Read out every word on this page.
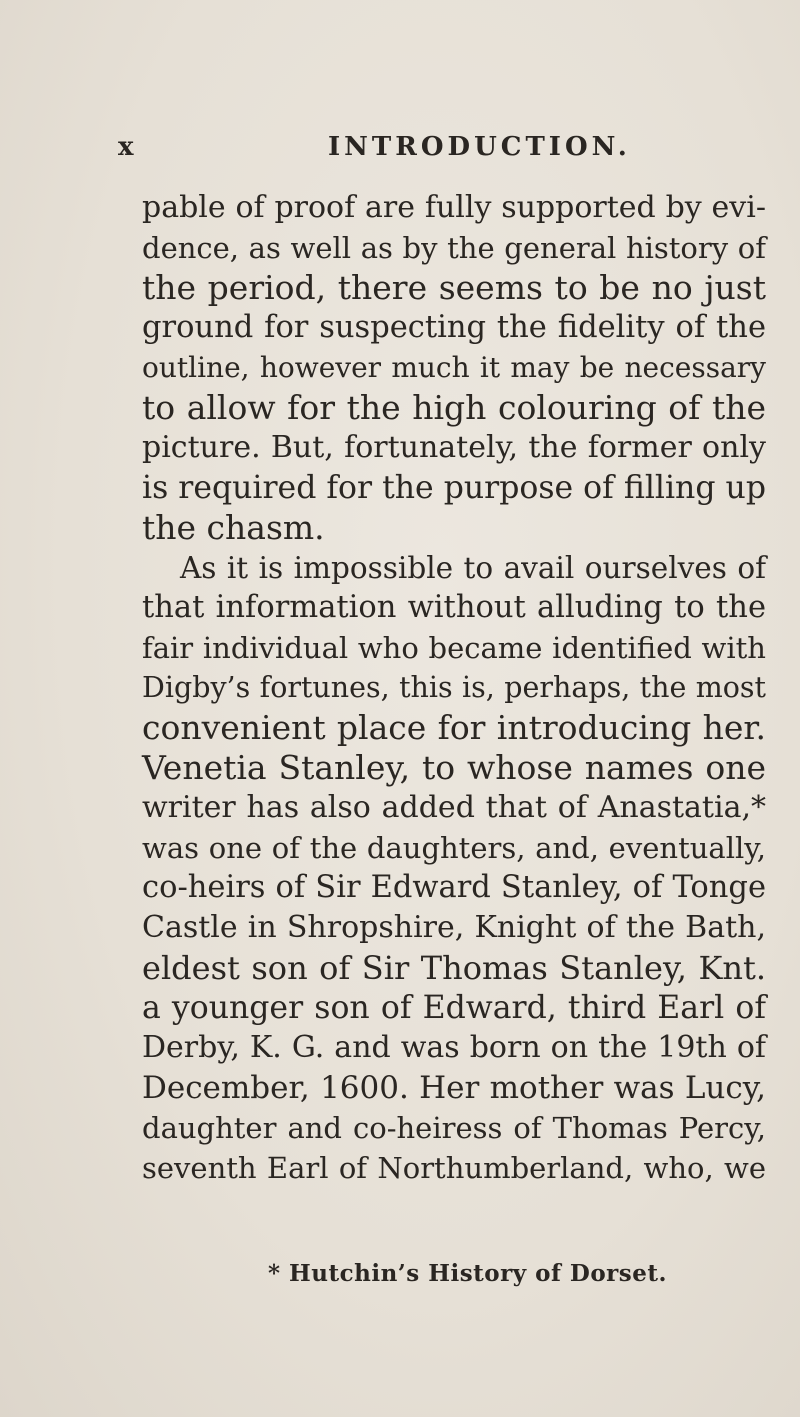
x	INTRODUCTION.
pable of proof are fully supported by evi-
dence, as well as by the general history of
the period, there seems to be no just
ground for suspecting the fidelity of the
outline, however much it may be necessary
to allow for the high colouring of the
picture. But, fortunately, the former only
is required for the purpose of filling up
the chasm.
As it is impossible to avail ourselves of
that information without alluding to the
fair individual who became identified with
Digby’s fortunes, this is, perhaps, the most
convenient place for introducing her.
Venetia Stanley, to whose names one
writer has also added that of Anastatia,*
was one of the daughters, and, eventually,
co-heirs of Sir Edward Stanley, of Tonge
Castle in Shropshire, Knight of the Bath,
eldest son of Sir Thomas Stanley, Knt.
a younger son of Edward, third Earl of
Derby, K. G. and was born on the 19th of
December, 1600. Her mother was Lucy,
daughter and co-heiress of Thomas Percy,
seventh Earl of Northumberland, who, we
* Hutchin’s History of Dorset.
